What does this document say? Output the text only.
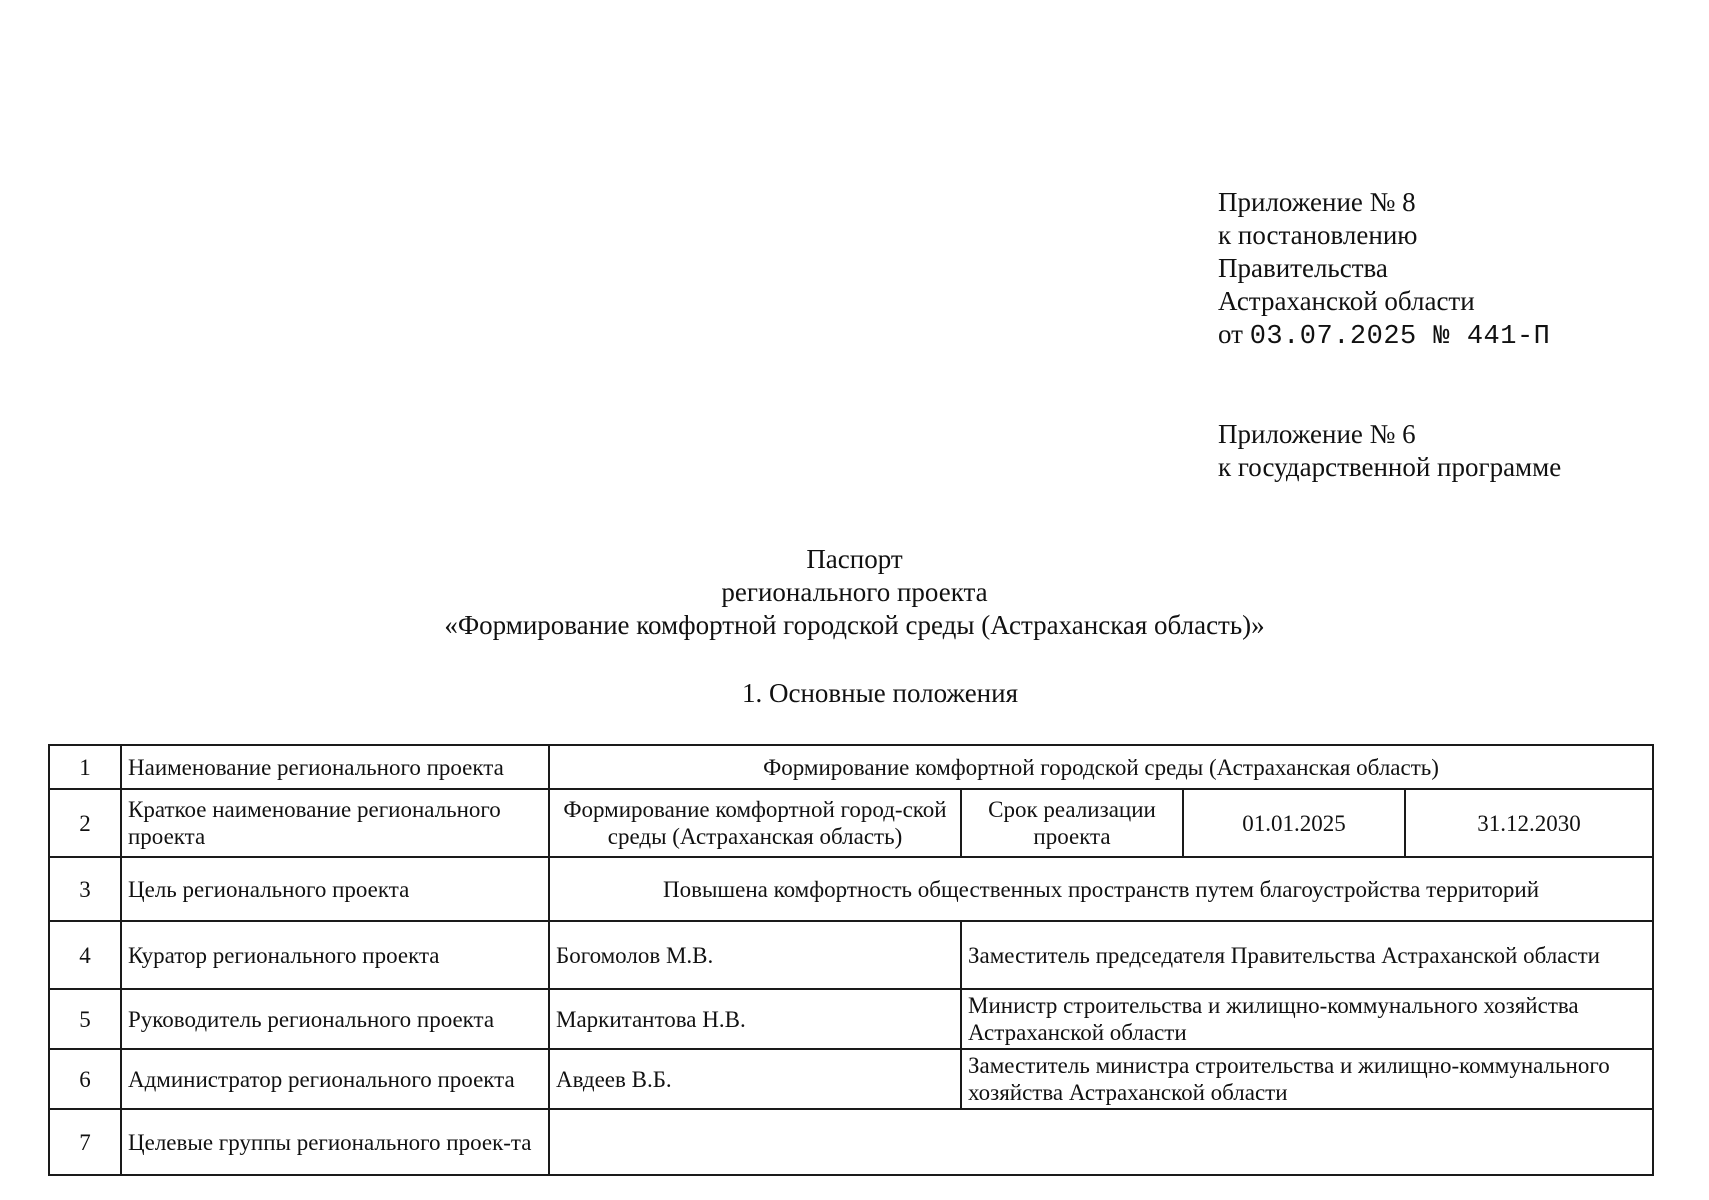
Приложение № 8
к постановлению
Правительства
Астраханской области
от 03.07.2025 № 441-П
Приложение № 6
к государственной программе
Паспорт
регионального проекта
«Формирование комфортной городской среды (Астраханская область)»
1. Основные положения
1	Наименование регионального проекта	Формирование комфортной городской среды (Астраханская область)			
2	Краткое наименование регионального проекта	Формирование комфортной город-ской среды (Астраханская область)	Срок реализации проекта	01.01.2025	31.12.2030
3	Цель регионального проекта	Повышена комфортность общественных пространств путем благоустройства территорий			
4	Куратор регионального проекта	Богомолов М.В.	Заместитель председателя Правительства Астраханской области		
5	Руководитель регионального проекта	Маркитантова Н.В.	Министр строительства и жилищно-коммунального хозяйства Астраханской области		
6	Администратор регионального проекта	Авдеев В.Б.	Заместитель министра строительства и жилищно-коммунального хозяйства Астраханской области		
7	Целевые группы регионального проек-та				
